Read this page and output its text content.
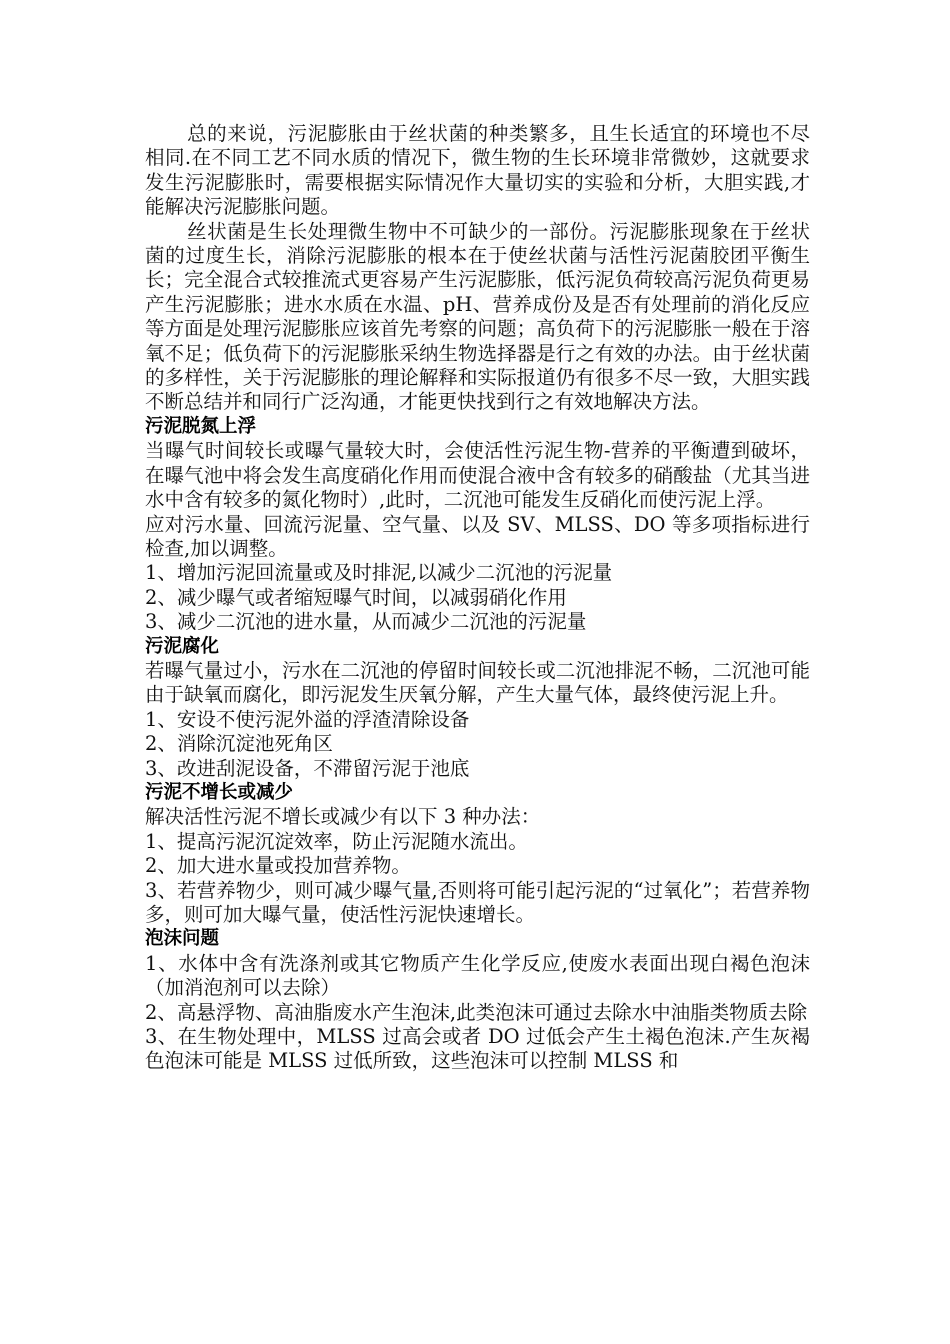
总的来说，污泥膨胀由于丝状菌的种类繁多，且生长适宜的环境也不尽相同.在不同工艺不同水质的情况下，微生物的生长环境非常微妙，这就要求发生污泥膨胀时，需要根据实际情况作大量切实的实验和分析，大胆实践,才能解决污泥膨胀问题。

丝状菌是生长处理微生物中不可缺少的一部份。污泥膨胀现象在于丝状菌的过度生长，消除污泥膨胀的根本在于使丝状菌与活性污泥菌胶团平衡生长；完全混合式较推流式更容易产生污泥膨胀，低污泥负荷较高污泥负荷更易产生污泥膨胀；进水水质在水温、pH、营养成份及是否有处理前的消化反应等方面是处理污泥膨胀应该首先考察的问题；高负荷下的污泥膨胀一般在于溶氧不足；低负荷下的污泥膨胀采纳生物选择器是行之有效的办法。由于丝状菌的多样性，关于污泥膨胀的理论解释和实际报道仍有很多不尽一致，大胆实践不断总结并和同行广泛沟通，才能更快找到行之有效地解决方法。

污泥脱氮上浮

当曝气时间较长或曝气量较大时，会使活性污泥生物-营养的平衡遭到破坏，在曝气池中将会发生高度硝化作用而使混合液中含有较多的硝酸盐（尤其当进水中含有较多的氮化物时）,此时，二沉池可能发生反硝化而使污泥上浮。

应对污水量、回流污泥量、空气量、以及 SV、MLSS、DO 等多项指标进行检查,加以调整。

1、增加污泥回流量或及时排泥,以减少二沉池的污泥量

2、减少曝气或者缩短曝气时间，以减弱硝化作用

3、减少二沉池的进水量，从而减少二沉池的污泥量

污泥腐化

若曝气量过小，污水在二沉池的停留时间较长或二沉池排泥不畅，二沉池可能由于缺氧而腐化，即污泥发生厌氧分解，产生大量气体，最终使污泥上升。

1、安设不使污泥外溢的浮渣清除设备

2、消除沉淀池死角区

3、改进刮泥设备，不滞留污泥于池底

污泥不增长或减少

解决活性污泥不增长或减少有以下 3 种办法：

1、提高污泥沉淀效率，防止污泥随水流出。

2、加大进水量或投加营养物。

3、若营养物少，则可减少曝气量,否则将可能引起污泥的“过氧化”；若营养物多，则可加大曝气量，使活性污泥快速增长。

泡沫问题

1、水体中含有洗涤剂或其它物质产生化学反应,使废水表面出现白褐色泡沫（加消泡剂可以去除）

2、高悬浮物、高油脂废水产生泡沫,此类泡沫可通过去除水中油脂类物质去除

3、在生物处理中，MLSS 过高会或者 DO 过低会产生土褐色泡沫.产生灰褐色泡沫可能是 MLSS 过低所致，这些泡沫可以控制 MLSS 和
